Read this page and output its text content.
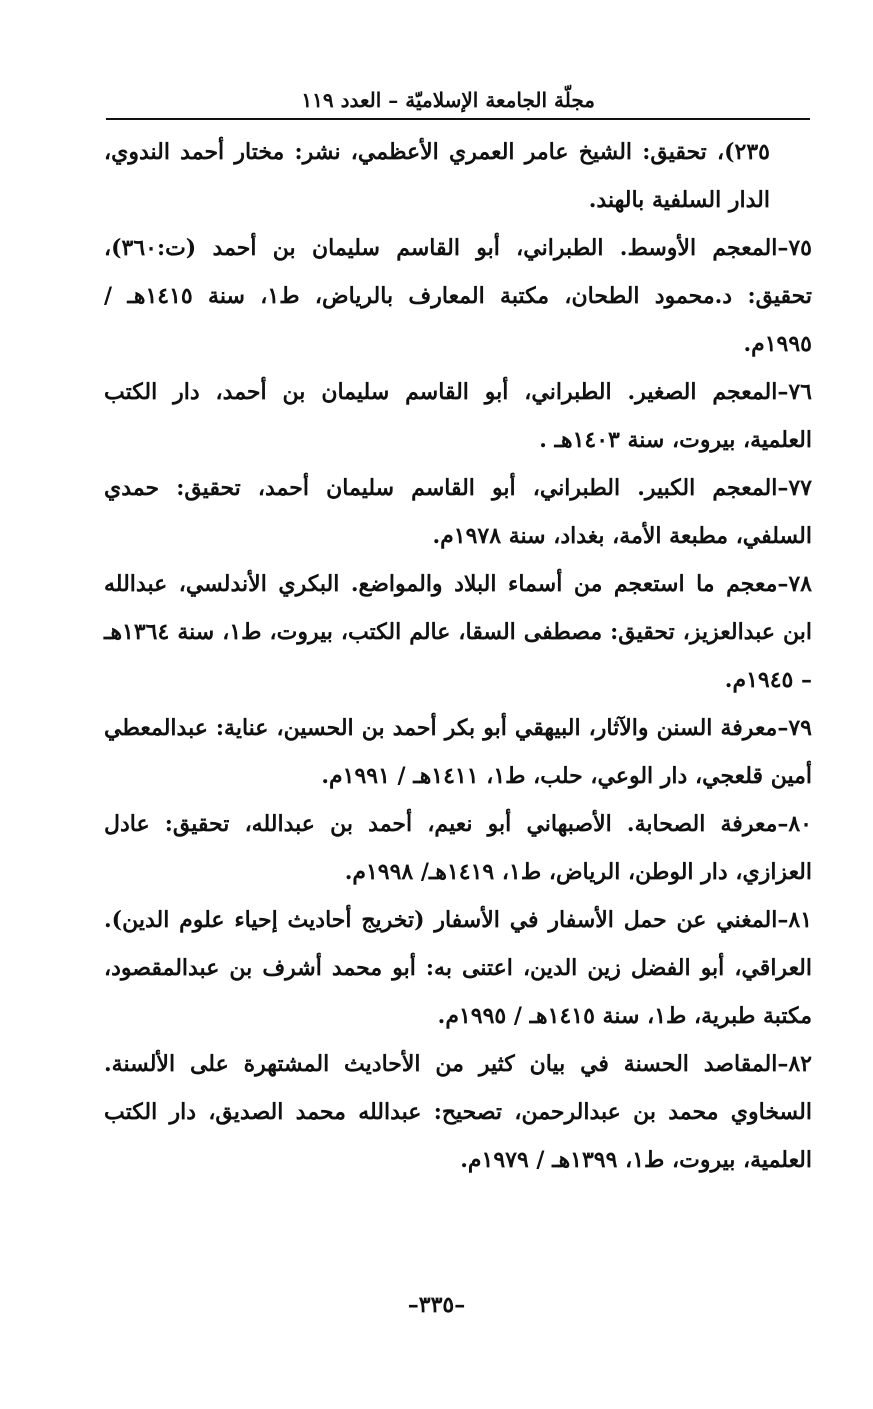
مجلّة الجامعة الإسلاميّة – العدد ١١٩
٢٣٥)، تحقيق: الشيخ عامر العمري الأعظمي، نشر: مختار أحمد الندوي، الدار السلفية بالهند.
٧٥–المعجم الأوسط. الطبراني، أبو القاسم سليمان بن أحمد (ت:٣٦٠)، تحقيق: د.محمود الطحان، مكتبة المعارف بالرياض، ط١، سنة ١٤١٥هـ / ١٩٩٥م.
٧٦–المعجم الصغير. الطبراني، أبو القاسم سليمان بن أحمد، دار الكتب العلمية، بيروت، سنة ١٤٠٣هـ .
٧٧–المعجم الكبير. الطبراني، أبو القاسم سليمان أحمد، تحقيق: حمدي السلفي، مطبعة الأمة، بغداد، سنة ١٩٧٨م.
٧٨–معجم ما استعجم من أسماء البلاد والمواضع. البكري الأندلسي، عبدالله ابن عبدالعزيز، تحقيق: مصطفى السقا، عالم الكتب، بيروت، ط١، سنة ١٣٦٤هـ – ١٩٤٥م.
٧٩–معرفة السنن والآثار، البيهقي أبو بكر أحمد بن الحسين، عناية: عبدالمعطي أمين قلعجي، دار الوعي، حلب، ط١، ١٤١١هـ / ١٩٩١م.
٨٠–معرفة الصحابة. الأصبهاني أبو نعيم، أحمد بن عبدالله، تحقيق: عادل العزازي، دار الوطن، الرياض، ط١، ١٤١٩هـ/ ١٩٩٨م.
٨١–المغني عن حمل الأسفار في الأسفار (تخريج أحاديث إحياء علوم الدين). العراقي، أبو الفضل زين الدين، اعتنى به: أبو محمد أشرف بن عبدالمقصود، مكتبة طبرية، ط١، سنة ١٤١٥هـ / ١٩٩٥م.
٨٢–المقاصد الحسنة في بيان كثير من الأحاديث المشتهرة على الألسنة. السخاوي محمد بن عبدالرحمن، تصحيح: عبدالله محمد الصديق، دار الكتب العلمية، بيروت، ط١، ١٣٩٩هـ / ١٩٧٩م.
–٣٣٥–
